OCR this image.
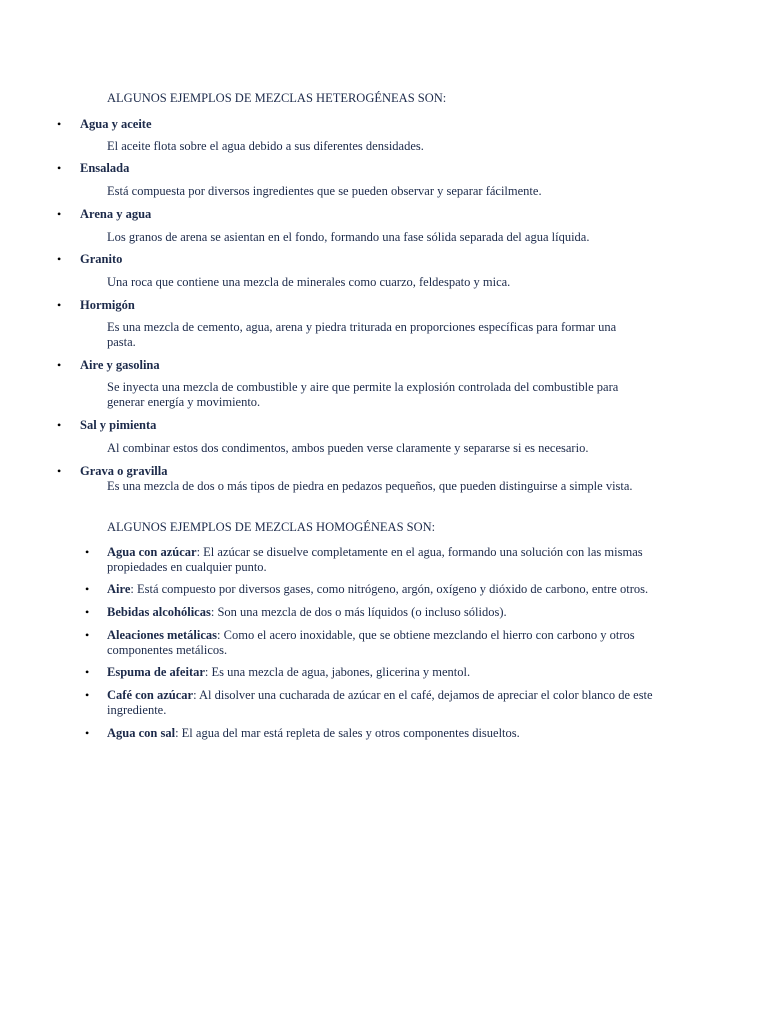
ALGUNOS EJEMPLOS DE MEZCLAS HETEROGÉNEAS SON:
• Agua y aceite
El aceite flota sobre el agua debido a sus diferentes densidades.
• Ensalada
Está compuesta por diversos ingredientes que se pueden observar y separar fácilmente.
• Arena y agua
Los granos de arena se asientan en el fondo, formando una fase sólida separada del agua líquida.
• Granito
Una roca que contiene una mezcla de minerales como cuarzo, feldespato y mica.
• Hormigón
Es una mezcla de cemento, agua, arena y piedra triturada en proporciones específicas para formar una pasta.
• Aire y gasolina
Se inyecta una mezcla de combustible y aire que permite la explosión controlada del combustible para generar energía y movimiento.
• Sal y pimienta
Al combinar estos dos condimentos, ambos pueden verse claramente y separarse si es necesario.
• Grava o gravilla
Es una mezcla de dos o más tipos de piedra en pedazos pequeños, que pueden distinguirse a simple vista.
ALGUNOS EJEMPLOS DE MEZCLAS HOMOGÉNEAS SON:
• Agua con azúcar: El azúcar se disuelve completamente en el agua, formando una solución con las mismas propiedades en cualquier punto.
• Aire: Está compuesto por diversos gases, como nitrógeno, argón, oxígeno y dióxido de carbono, entre otros.
• Bebidas alcohólicas: Son una mezcla de dos o más líquidos (o incluso sólidos).
• Aleaciones metálicas: Como el acero inoxidable, que se obtiene mezclando el hierro con carbono y otros componentes metálicos.
• Espuma de afeitar: Es una mezcla de agua, jabones, glicerina y mentol.
• Café con azúcar: Al disolver una cucharada de azúcar en el café, dejamos de apreciar el color blanco de este ingrediente.
• Agua con sal: El agua del mar está repleta de sales y otros componentes disueltos.
